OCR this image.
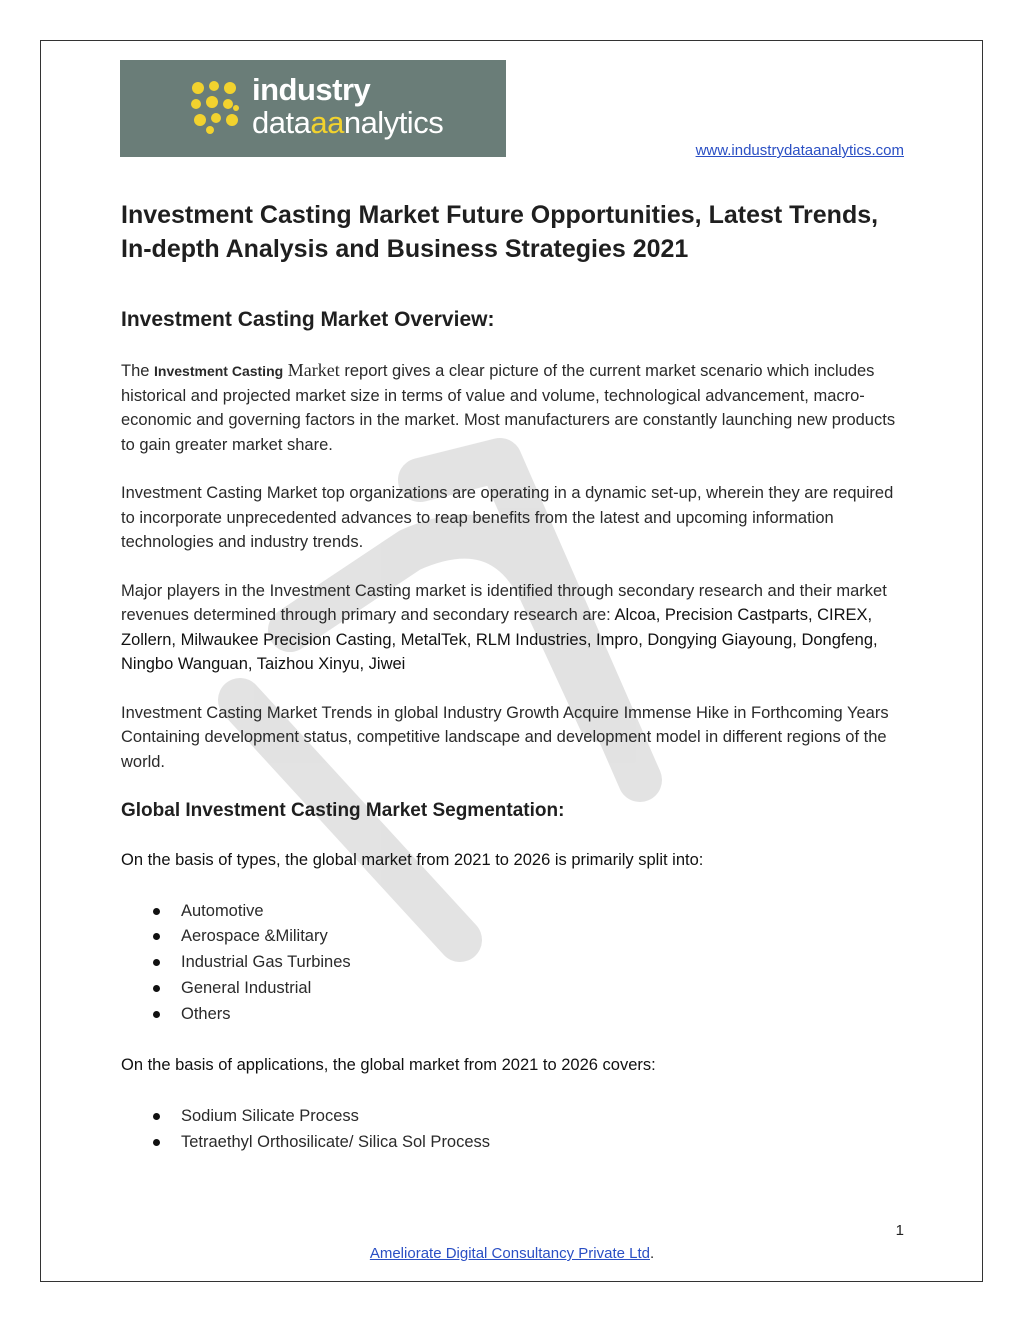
industry
dataaanalytics
www.industrydataanalytics.com
Investment Casting Market Future Opportunities, Latest Trends, In-depth Analysis and Business Strategies 2021
Investment Casting Market Overview:

The Investment Casting Market report gives a clear picture of the current market scenario which includes historical and projected market size in terms of value and volume, technological advancement, macro-economic and governing factors in the market. Most manufacturers are constantly launching new products to gain greater market share.

Investment Casting Market top organizations are operating in a dynamic set-up, wherein they are required to incorporate unprecedented advances to reap benefits from the latest and upcoming information technologies and industry trends.

Major players in the Investment Casting market is identified through secondary research and their market revenues determined through primary and secondary research are: Alcoa, Precision Castparts, CIREX, Zollern, Milwaukee Precision Casting, MetalTek, RLM Industries, Impro, Dongying Giayoung, Dongfeng, Ningbo Wanguan, Taizhou Xinyu, Jiwei

Investment Casting Market Trends in global Industry Growth Acquire Immense Hike in Forthcoming Years Containing development status, competitive landscape and development model in different regions of the world.

Global Investment Casting Market Segmentation:

On the basis of types, the global market from 2021 to 2026 is primarily split into:

Automotive
Aerospace &Military
Industrial Gas Turbines
General Industrial
Others

On the basis of applications, the global market from 2021 to 2026 covers:

Sodium Silicate Process
Tetraethyl Orthosilicate/ Silica Sol Process
1
Ameliorate Digital Consultancy Private Ltd.
